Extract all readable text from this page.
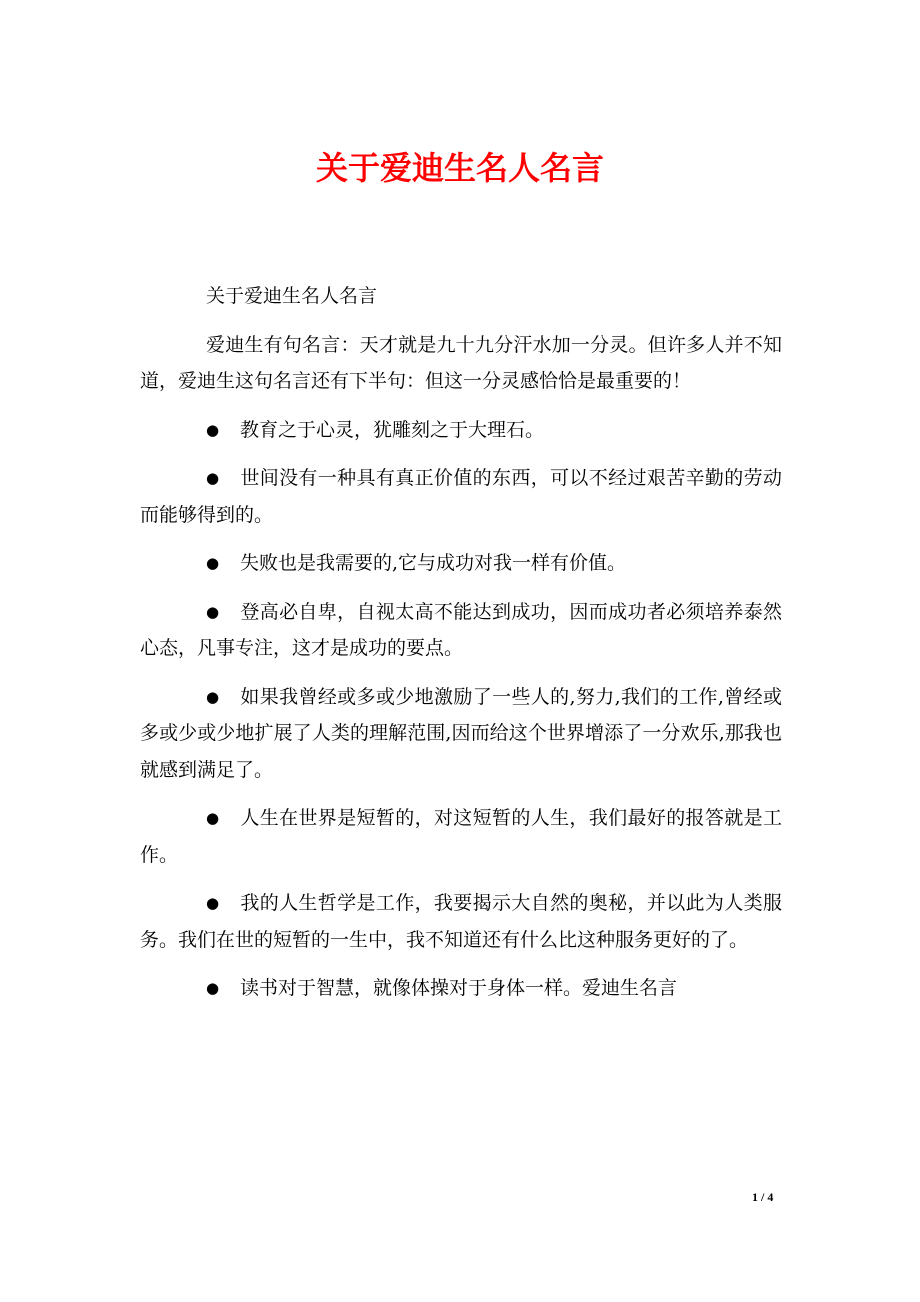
关于爱迪生名人名言

关于爱迪生名人名言

爱迪生有句名言：天才就是九十九分汗水加一分灵。但许多人并不知道，爱迪生这句名言还有下半句：但这一分灵感恰恰是最重要的！

● 教育之于心灵，犹雕刻之于大理石。

● 世间没有一种具有真正价值的东西，可以不经过艰苦辛勤的劳动而能够得到的。

● 失败也是我需要的,它与成功对我一样有价值。

● 登高必自卑，自视太高不能达到成功，因而成功者必须培养泰然心态，凡事专注，这才是成功的要点。

● 如果我曾经或多或少地激励了一些人的,努力,我们的工作,曾经或多或少或少地扩展了人类的理解范围,因而给这个世界增添了一分欢乐,那我也就感到满足了。

● 人生在世界是短暂的，对这短暂的人生，我们最好的报答就是工作。

● 我的人生哲学是工作，我要揭示大自然的奥秘，并以此为人类服务。我们在世的短暂的一生中，我不知道还有什么比这种服务更好的了。

● 读书对于智慧，就像体操对于身体一样。爱迪生名言

1 / 4
